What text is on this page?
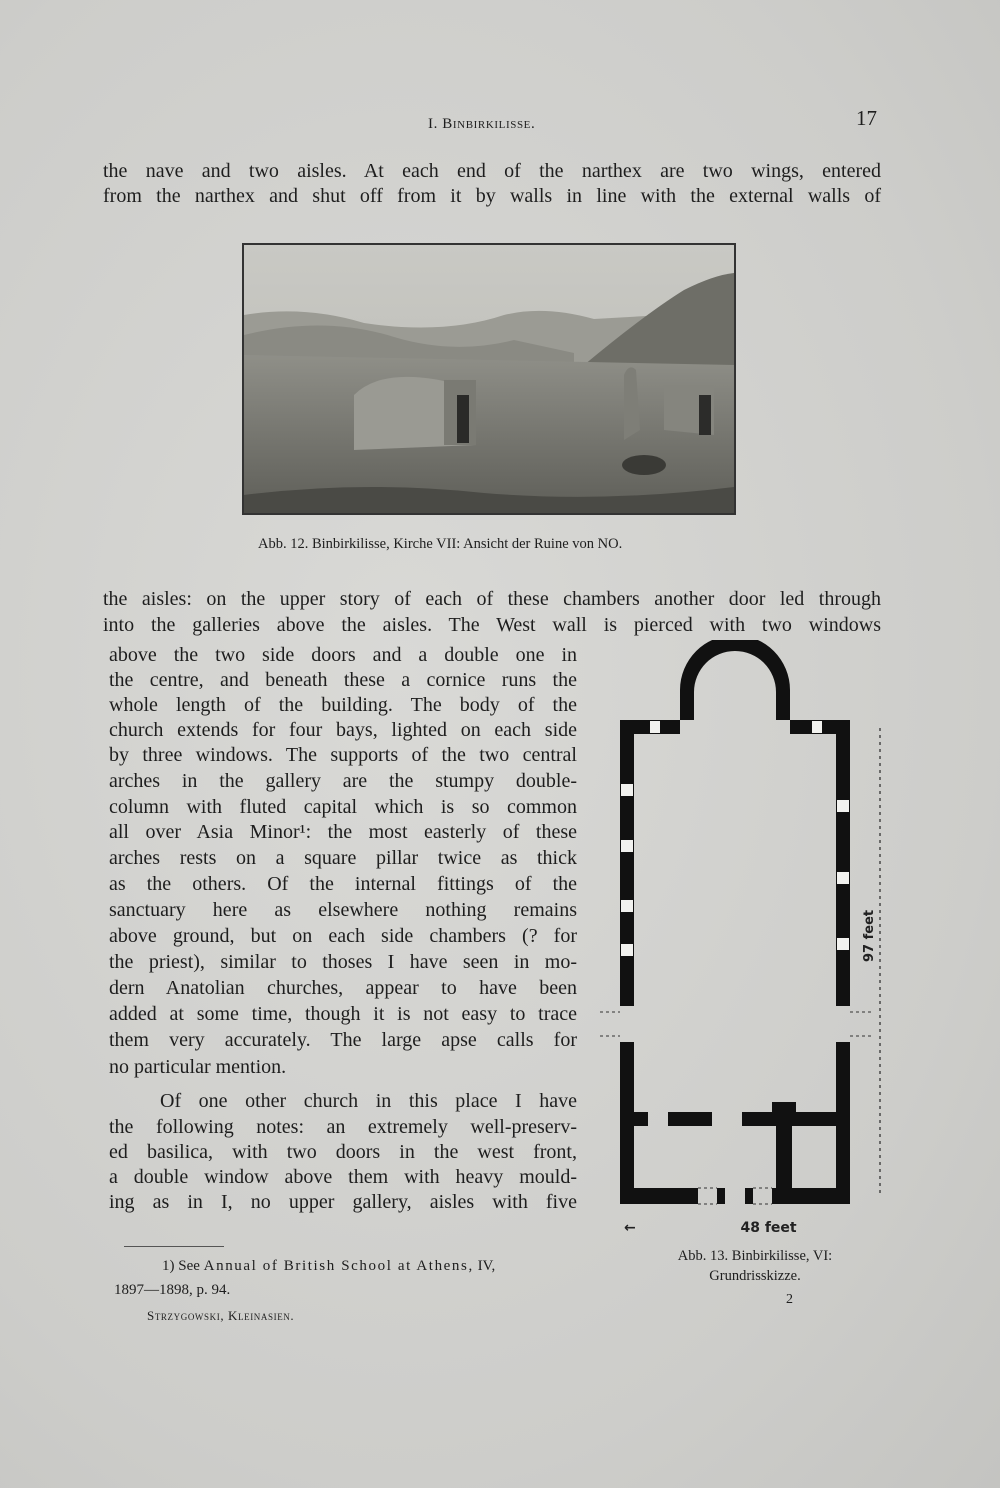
I. Binbirkilisse.	17
the nave and two aisles. At each end of the narthex are two wings, entered
from the narthex and shut off from it by walls in line with the external walls of
Abb. 12. Binbirkilisse, Kirche VII: Ansicht der Ruine von NO.
the aisles: on the upper story of each of these chambers another door led through
into the galleries above the aisles. The West wall is pierced with two windows
above the two side doors and a double one in
the centre, and beneath these a cornice runs the
whole length of the building. The body of the
church extends for four bays, lighted on each side
by three windows. The supports of the two central
arches in the gallery are the stumpy double-
column with fluted capital which is so common
all over Asia Minor¹: the most easterly of these
arches rests on a square pillar twice as thick
as the others. Of the internal fittings of the
sanctuary here as elsewhere nothing remains
above ground, but on each side chambers (? for
the priest), similar to thoses I have seen in mo-
dern Anatolian churches, appear to have been
added at some time, though it is not easy to trace
them very accurately. The large apse calls for
no particular mention.
Of one other church in this place I have
the following notes: an extremely well-preserv-
ed basilica, with two doors in the west front,
a double window above them with heavy mould-
ing as in I, no upper gallery, aisles with five
←	48 feet
97 feet
Abb. 13. Binbirkilisse, VI:
Grundrisskizze.
2
1) See Annual of British School at Athens, IV,
1897—1898, p. 94.
Strzygowski, Kleinasien.
